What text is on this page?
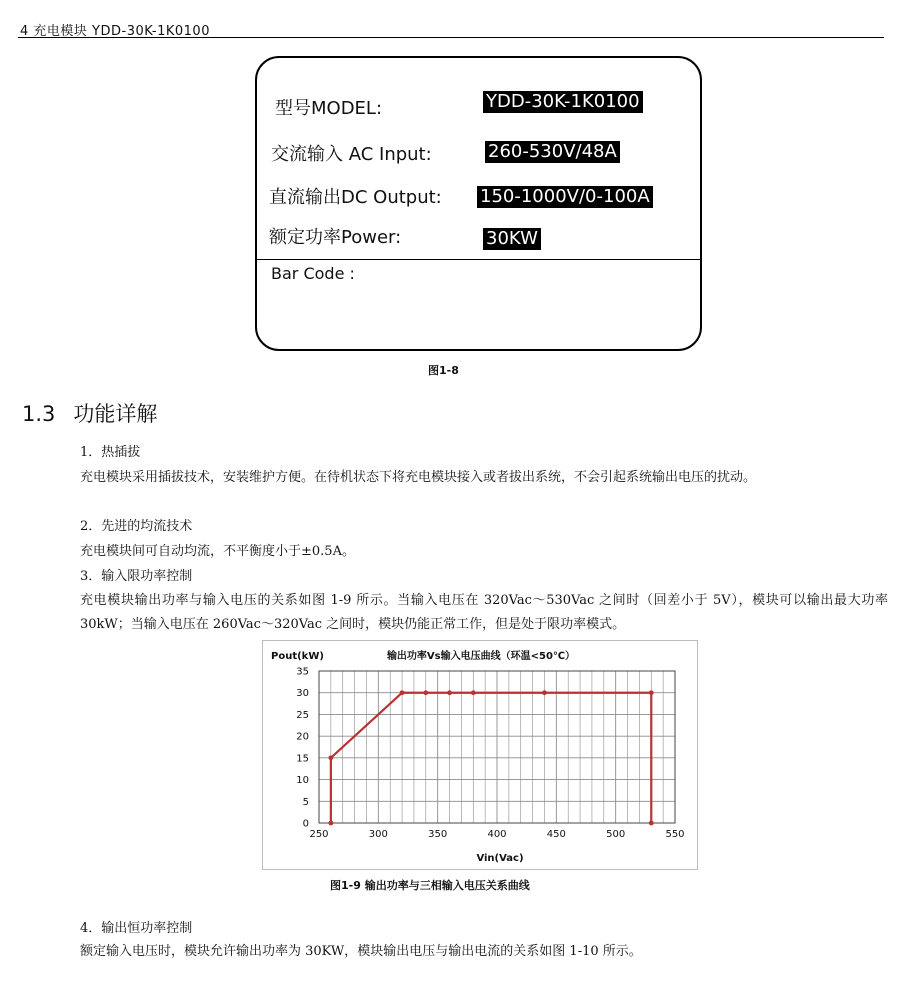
4 充电模块 YDD-30K-1K0100
型号MODEL:	YDD-30K-1K0100
交流输入 AC Input:	260-530V/48A
直流输出DC Output: 150-1000V/0-100A
额定功率Power:	30KW
Bar Code :
图1-8
1.3 功能详解
1．热插拔

充电模块采用插拔技术，安装维护方便。在待机状态下将充电模块接入或者拔出系统，不会引起系统输出电压的扰动。

2．先进的均流技术

充电模块间可自动均流，不平衡度小于±0.5A。

3．输入限功率控制

充电模块输出功率与输入电压的关系如图 1-9 所示。当输入电压在 320Vac～530Vac 之间时（回差小于 5V），模块可以输出最大功率 30kW；当输入电压在 260Vac～320Vac 之间时，模块仍能正常工作，但是处于限功率模式。

输出功率Vs输入电压曲线（环温<50℃）
Pout(kW)
Vin(Vac)
250	300	350	400	450	500	550
0
5
10
15
20
25
30
35
图1-9 输出功率与三相输入电压关系曲线
4．输出恒功率控制

额定输入电压时，模块允许输出功率为 30KW，模块输出电压与输出电流的关系如图 1-10 所示。
